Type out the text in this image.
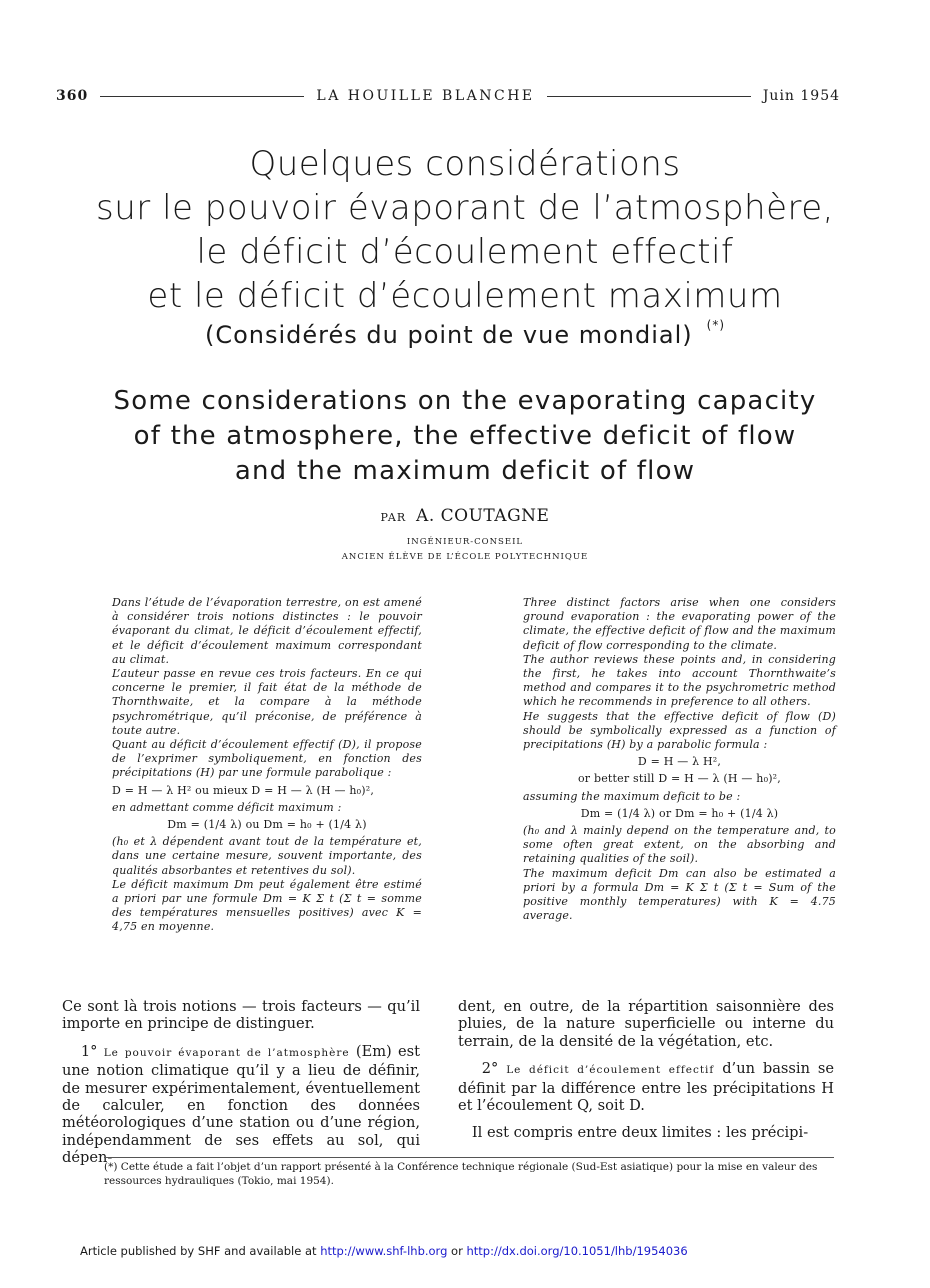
360	LA HOUILLE BLANCHE	Juin 1954
Quelques considérations
sur le pouvoir évaporant de l’atmosphère,
le déficit d’écoulement effectif
et le déficit d’écoulement maximum
(Considérés du point de vue mondial) (*)
Some considerations on the evaporating capacity
of the atmosphere, the effective deficit of flow
and the maximum deficit of flow
PAR A. COUTAGNE
INGÉNIEUR-CONSEIL
ANCIEN ÉLÈVE DE L’ÉCOLE POLYTECHNIQUE

Dans l’étude de l’évaporation terrestre, on est amené à considérer trois notions distinctes : le pouvoir évaporant du climat, le déficit d’écoulement effectif, et le déficit d’écoulement maximum correspondant au climat.

L’auteur passe en revue ces trois facteurs. En ce qui concerne le premier, il fait état de la méthode de Thornthwaite, et la compare à la méthode psychrométrique, qu’il préconise, de préférence à toute autre.

Quant au déficit d’écoulement effectif (D), il propose de l’exprimer symboliquement, en fonction des précipitations (H) par une formule parabolique :

D = H — λ H² ou mieux D = H — λ (H — h₀)²,

en admettant comme déficit maximum :

Dm = (1/4 λ) ou Dm = h₀ + (1/4 λ)

(h₀ et λ dépendent avant tout de la température et, dans une certaine mesure, souvent importante, des qualités absorbantes et retentives du sol).

Le déficit maximum Dm peut également être estimé a priori par une formule Dm = K Σ t (Σ t = somme des températures mensuelles positives) avec K = 4,75 en moyenne.

Three distinct factors arise when one considers ground evaporation : the evaporating power of the climate, the effective deficit of flow and the maximum deficit of flow corresponding to the climate.

The author reviews these points and, in considering the first, he takes into account Thornthwaite’s method and compares it to the psychrometric method which he recommends in preference to all others.

He suggests that the effective deficit of flow (D) should be symbolically expressed as a function of precipitations (H) by a parabolic formula :

D = H — λ H²,

or better still D = H — λ (H — h₀)²,

assuming the maximum deficit to be :

Dm = (1/4 λ) or Dm = h₀ + (1/4 λ)

(h₀ and λ mainly depend on the temperature and, to some often great extent, on the absorbing and retaining qualities of the soil).

The maximum deficit Dm can also be estimated a priori by a formula Dm = K Σ t (Σ t = Sum of the positive monthly temperatures) with K = 4.75 average.

Ce sont là trois notions — trois facteurs — qu’il importe en principe de distinguer.

1° Le pouvoir évaporant de l’atmosphère (Em) est une notion climatique qu’il y a lieu de définir, de mesurer expérimentalement, éventuellement de calculer, en fonction des données météorologiques d’une station ou d’une région, indépendamment de ses effets au sol, qui dépen-

dent, en outre, de la répartition saisonnière des pluies, de la nature superficielle ou interne du terrain, de la densité de la végétation, etc.

2° Le déficit d’écoulement effectif d’un bassin se définit par la différence entre les précipitations H et l’écoulement Q, soit D.

Il est compris entre deux limites : les précipi-

(*) Cette étude a fait l’objet d’un rapport présenté à la Conférence technique régionale (Sud-Est asiatique) pour la mise en valeur des ressources hydrauliques (Tokio, mai 1954).

Article published by SHF and available at http://www.shf-lhb.org or http://dx.doi.org/10.1051/lhb/1954036
